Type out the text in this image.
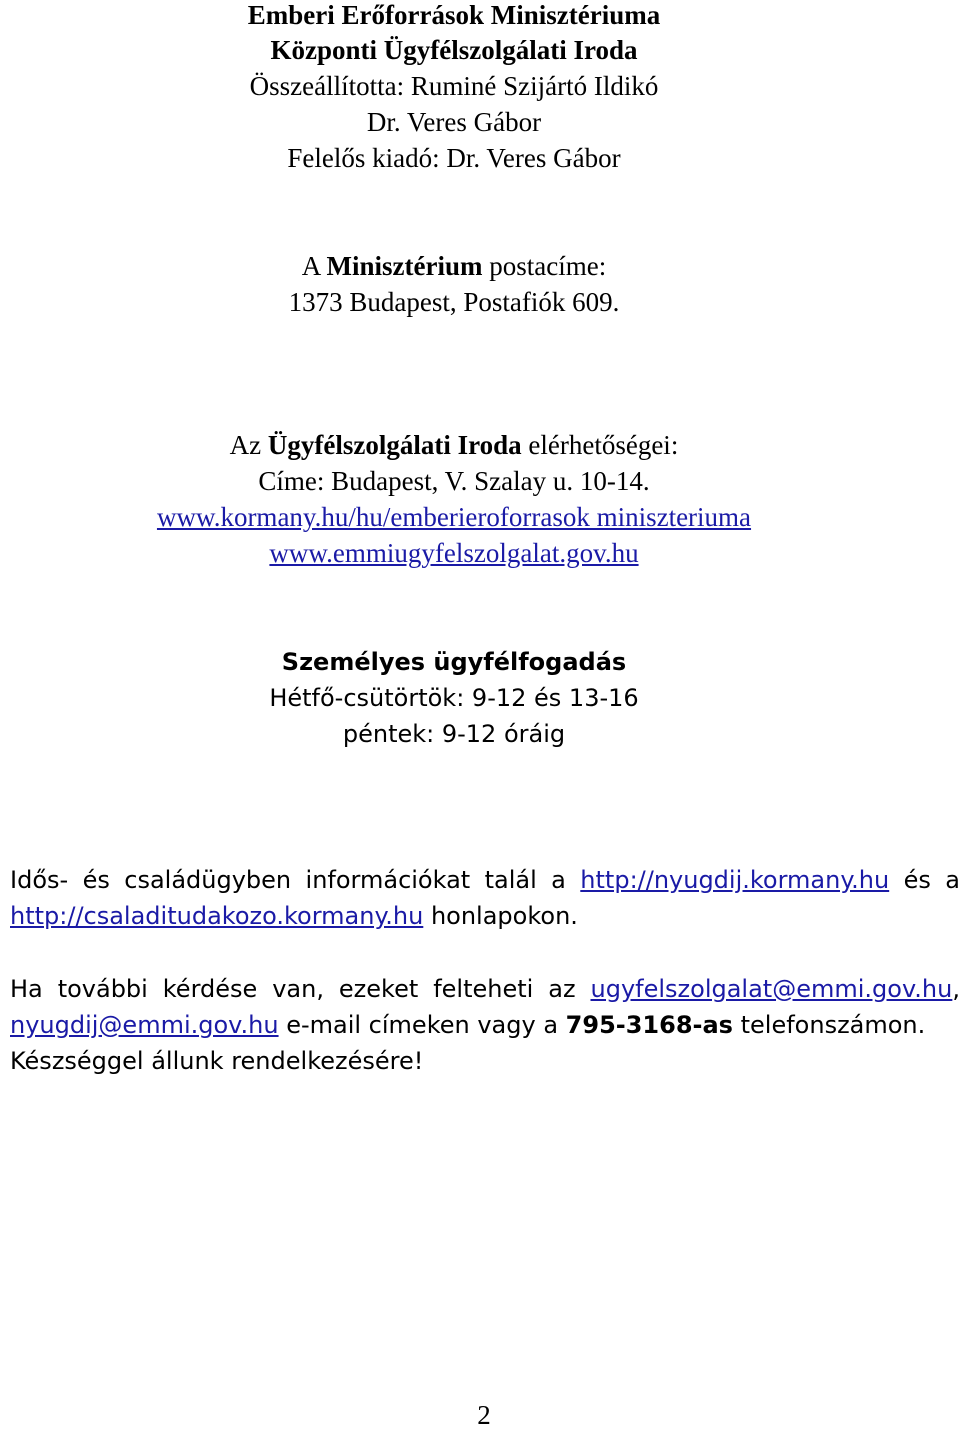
Emberi Erőforrások Minisztériuma
Központi Ügyfélszolgálati Iroda
Összeállította: Ruminé Szijártó Ildikó
Dr. Veres Gábor
Felelős kiadó: Dr. Veres Gábor
A Minisztérium postacíme:
1373 Budapest, Postafiók 609.
Az Ügyfélszolgálati Iroda elérhetőségei:
Címe: Budapest, V. Szalay u. 10-14.
www.kormany.hu/hu/emberieroforrasok miniszteriuma
www.emmiugyfelszolgalat.gov.hu
Személyes ügyfélfogadás
Hétfő-csütörtök: 9-12 és 13-16
péntek: 9-12 óráig
Idős- és családügyben információkat talál a http://nyugdij.kormany.hu és a
http://csaladitudakozo.kormany.hu honlapokon.
Ha további kérdése van, ezeket felteheti az ugyfelszolgalat@emmi.gov.hu,
nyugdij@emmi.gov.hu e-mail címeken vagy a 795-3168-as telefonszámon.
Készséggel állunk rendelkezésére!
2
